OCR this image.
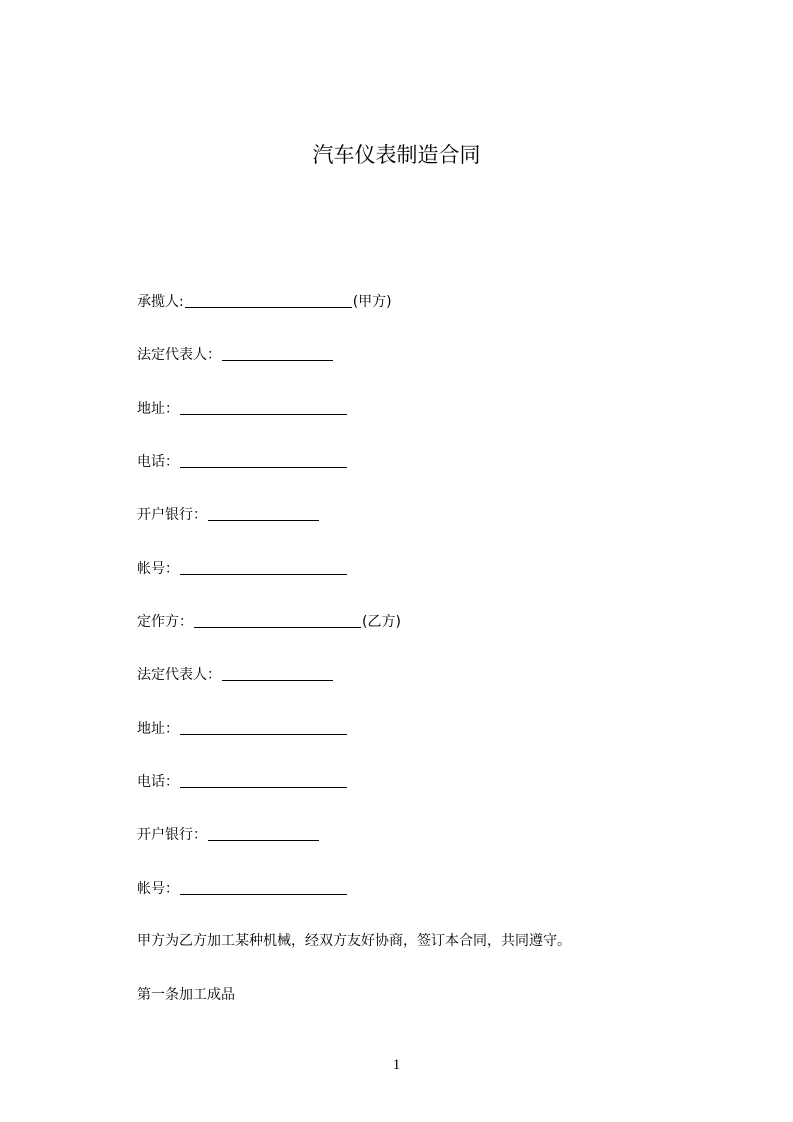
汽车仪表制造合同
承揽人:	(甲方)
法定代表人：
地址：
电话：
开户银行：
帐号：
定作方：	(乙方)
法定代表人：
地址：
电话：
开户银行：
帐号：
甲方为乙方加工某种机械，经双方友好协商，签订本合同，共同遵守。
第一条加工成品
1
